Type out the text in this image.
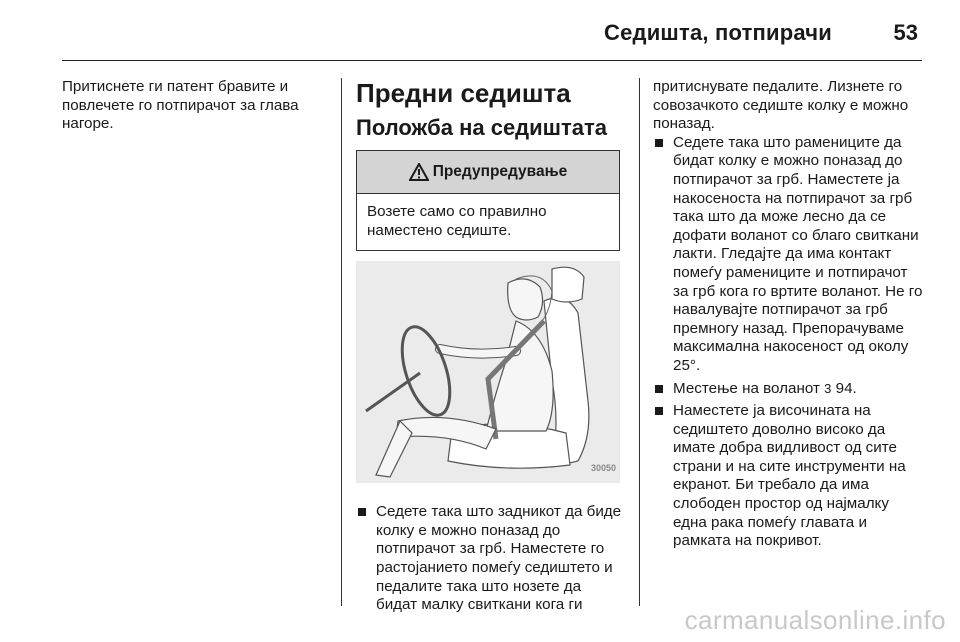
Седишта, потпирачи	53

Притиснете ги патент бравите и повлечете го потпирачот за глава нагоре.

Предни седишта
Положба на седиштата
Предупредување
Возете само со правилно наместено седиште.
30050
Седете така што задникот да биде колку е можно поназад до потпирачот за грб. Наместете го растојанието помеѓу седиштето и педалите така што нозете да бидат малку свиткани кога ги

притиснувате педалите. Лизнете го совозачкото седиште колку е можно поназад.

Седете така што рамениците да бидат колку е можно поназад до потпирачот за грб. Наместете ја накосеноста на потпирачот за грб така што да може лесно да се дофати воланот со благо свиткани лакти. Гледајте да има контакт помеѓу рамениците и потпирачот за грб кога го вртите воланот. Не го навалувајте потпирачот за грб премногу назад. Препорачуваме максимална накосеност од околу 25°.
Местење на воланот 3 94.
Наместете ја височината на седиштето доволно високо да имате добра видливост од сите страни и на сите инструменти на екранот. Би требало да има слободен простор од најмалку една рака помеѓу главата и рамката на покривот.
carmanualsonline.info
